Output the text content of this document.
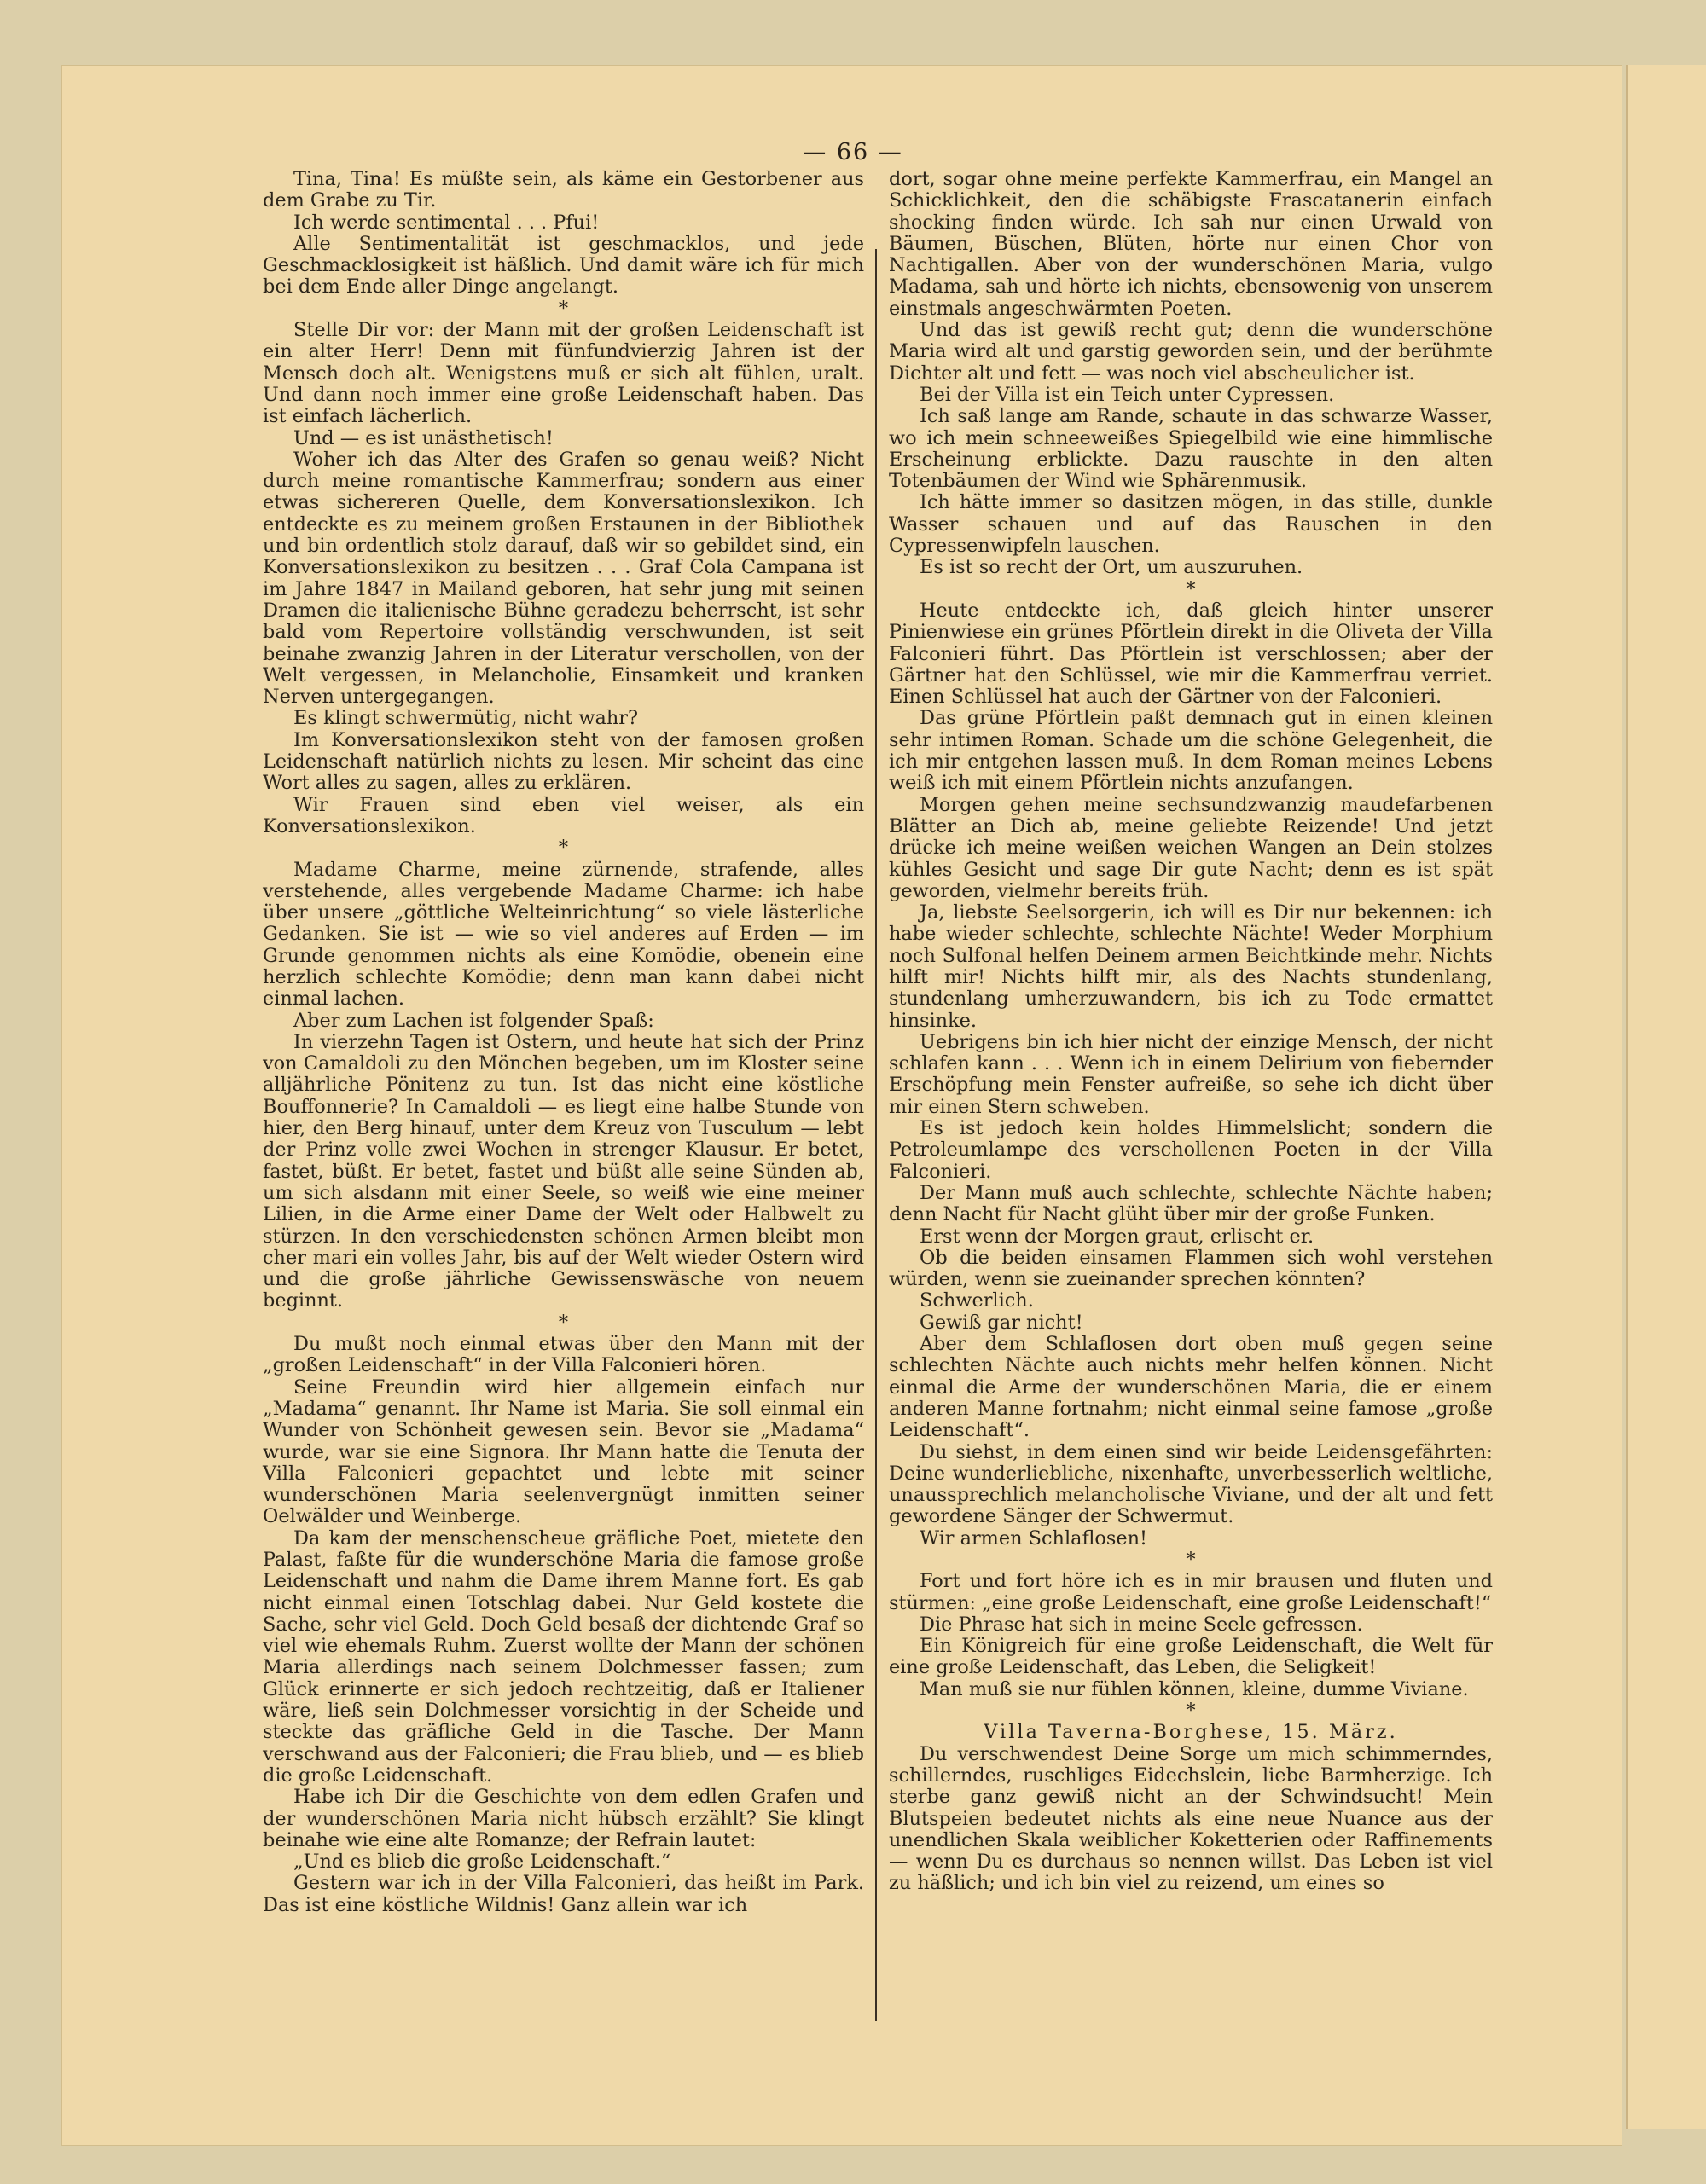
— 66 —

Tina, Tina! Es müßte sein, als käme ein Gestorbener aus dem Grabe zu Tir.

Ich werde sentimental . . . Pfui!

Alle Sentimentalität ist geschmacklos, und jede Geschmacklosigkeit ist häßlich. Und damit wäre ich für mich bei dem Ende aller Dinge angelangt.

*

Stelle Dir vor: der Mann mit der großen Leidenschaft ist ein alter Herr! Denn mit fünfundvierzig Jahren ist der Mensch doch alt. Wenigstens muß er sich alt fühlen, uralt. Und dann noch immer eine große Leidenschaft haben. Das ist einfach lächerlich.

Und — es ist unästhetisch!

Woher ich das Alter des Grafen so genau weiß? Nicht durch meine romantische Kammerfrau; sondern aus einer etwas sichereren Quelle, dem Konversationslexikon. Ich entdeckte es zu meinem großen Erstaunen in der Bibliothek und bin ordentlich stolz darauf, daß wir so gebildet sind, ein Konversationslexikon zu besitzen . . . Graf Cola Campana ist im Jahre 1847 in Mailand geboren, hat sehr jung mit seinen Dramen die italienische Bühne geradezu beherrscht, ist sehr bald vom Repertoire vollständig verschwunden, ist seit beinahe zwanzig Jahren in der Literatur verschollen, von der Welt vergessen, in Melancholie, Einsamkeit und kranken Nerven untergegangen.

Es klingt schwermütig, nicht wahr?

Im Konversationslexikon steht von der famosen großen Leidenschaft natürlich nichts zu lesen. Mir scheint das eine Wort alles zu sagen, alles zu erklären.

Wir Frauen sind eben viel weiser, als ein Konversationslexikon.

*

Madame Charme, meine zürnende, strafende, alles verstehende, alles vergebende Madame Charme: ich habe über unsere „göttliche Welteinrichtung“ so viele lästerliche Gedanken. Sie ist — wie so viel anderes auf Erden — im Grunde genommen nichts als eine Komödie, obenein eine herzlich schlechte Komödie; denn man kann dabei nicht einmal lachen.

Aber zum Lachen ist folgender Spaß:

In vierzehn Tagen ist Ostern, und heute hat sich der Prinz von Camaldoli zu den Mönchen begeben, um im Kloster seine alljährliche Pönitenz zu tun. Ist das nicht eine köstliche Bouffonnerie? In Camaldoli — es liegt eine halbe Stunde von hier, den Berg hinauf, unter dem Kreuz von Tusculum — lebt der Prinz volle zwei Wochen in strenger Klausur. Er betet, fastet, büßt. Er betet, fastet und büßt alle seine Sünden ab, um sich alsdann mit einer Seele, so weiß wie eine meiner Lilien, in die Arme einer Dame der Welt oder Halbwelt zu stürzen. In den verschiedensten schönen Armen bleibt mon cher mari ein volles Jahr, bis auf der Welt wieder Ostern wird und die große jährliche Gewissenswäsche von neuem beginnt.

*

Du mußt noch einmal etwas über den Mann mit der „großen Leidenschaft“ in der Villa Falconieri hören.

Seine Freundin wird hier allgemein einfach nur „Madama“ genannt. Ihr Name ist Maria. Sie soll einmal ein Wunder von Schönheit gewesen sein. Bevor sie „Madama“ wurde, war sie eine Signora. Ihr Mann hatte die Tenuta der Villa Falconieri gepachtet und lebte mit seiner wunderschönen Maria seelenvergnügt inmitten seiner Oelwälder und Weinberge.

Da kam der menschenscheue gräfliche Poet, mietete den Palast, faßte für die wunderschöne Maria die famose große Leidenschaft und nahm die Dame ihrem Manne fort. Es gab nicht einmal einen Totschlag dabei. Nur Geld kostete die Sache, sehr viel Geld. Doch Geld besaß der dichtende Graf so viel wie ehemals Ruhm. Zuerst wollte der Mann der schönen Maria allerdings nach seinem Dolchmesser fassen; zum Glück erinnerte er sich jedoch rechtzeitig, daß er Italiener wäre, ließ sein Dolchmesser vorsichtig in der Scheide und steckte das gräfliche Geld in die Tasche. Der Mann verschwand aus der Falconieri; die Frau blieb, und — es blieb die große Leidenschaft.

Habe ich Dir die Geschichte von dem edlen Grafen und der wunderschönen Maria nicht hübsch erzählt? Sie klingt beinahe wie eine alte Romanze; der Refrain lautet:

„Und es blieb die große Leidenschaft.“

Gestern war ich in der Villa Falconieri, das heißt im Park. Das ist eine köstliche Wildnis! Ganz allein war ich

dort, sogar ohne meine perfekte Kammerfrau, ein Mangel an Schicklichkeit, den die schäbigste Frascatanerin einfach shocking finden würde. Ich sah nur einen Urwald von Bäumen, Büschen, Blüten, hörte nur einen Chor von Nachtigallen. Aber von der wunderschönen Maria, vulgo Madama, sah und hörte ich nichts, ebensowenig von unserem einstmals angeschwärmten Poeten.

Und das ist gewiß recht gut; denn die wunderschöne Maria wird alt und garstig geworden sein, und der berühmte Dichter alt und fett — was noch viel abscheulicher ist.

Bei der Villa ist ein Teich unter Cypressen.

Ich saß lange am Rande, schaute in das schwarze Wasser, wo ich mein schneeweißes Spiegelbild wie eine himmlische Erscheinung erblickte. Dazu rauschte in den alten Totenbäumen der Wind wie Sphärenmusik.

Ich hätte immer so dasitzen mögen, in das stille, dunkle Wasser schauen und auf das Rauschen in den Cypressenwipfeln lauschen.

Es ist so recht der Ort, um auszuruhen.

*

Heute entdeckte ich, daß gleich hinter unserer Pinienwiese ein grünes Pförtlein direkt in die Oliveta der Villa Falconieri führt. Das Pförtlein ist verschlossen; aber der Gärtner hat den Schlüssel, wie mir die Kammerfrau verriet. Einen Schlüssel hat auch der Gärtner von der Falconieri.

Das grüne Pförtlein paßt demnach gut in einen kleinen sehr intimen Roman. Schade um die schöne Gelegenheit, die ich mir entgehen lassen muß. In dem Roman meines Lebens weiß ich mit einem Pförtlein nichts anzufangen.

Morgen gehen meine sechsundzwanzig maudefarbenen Blätter an Dich ab, meine geliebte Reizende! Und jetzt drücke ich meine weißen weichen Wangen an Dein stolzes kühles Gesicht und sage Dir gute Nacht; denn es ist spät geworden, vielmehr bereits früh.

Ja, liebste Seelsorgerin, ich will es Dir nur bekennen: ich habe wieder schlechte, schlechte Nächte! Weder Morphium noch Sulfonal helfen Deinem armen Beichtkinde mehr. Nichts hilft mir! Nichts hilft mir, als des Nachts stundenlang, stundenlang umherzuwandern, bis ich zu Tode ermattet hinsinke.

Uebrigens bin ich hier nicht der einzige Mensch, der nicht schlafen kann . . . Wenn ich in einem Delirium von fiebernder Erschöpfung mein Fenster aufreiße, so sehe ich dicht über mir einen Stern schweben.

Es ist jedoch kein holdes Himmelslicht; sondern die Petroleumlampe des verschollenen Poeten in der Villa Falconieri.

Der Mann muß auch schlechte, schlechte Nächte haben; denn Nacht für Nacht glüht über mir der große Funken.

Erst wenn der Morgen graut, erlischt er.

Ob die beiden einsamen Flammen sich wohl verstehen würden, wenn sie zueinander sprechen könnten?

Schwerlich.

Gewiß gar nicht!

Aber dem Schlaflosen dort oben muß gegen seine schlechten Nächte auch nichts mehr helfen können. Nicht einmal die Arme der wunderschönen Maria, die er einem anderen Manne fortnahm; nicht einmal seine famose „große Leidenschaft“.

Du siehst, in dem einen sind wir beide Leidensgefährten: Deine wunderliebliche, nixenhafte, unverbesserlich weltliche, unaussprechlich melancholische Viviane, und der alt und fett gewordene Sänger der Schwermut.

Wir armen Schlaflosen!

*

Fort und fort höre ich es in mir brausen und fluten und stürmen: „eine große Leidenschaft, eine große Leidenschaft!“

Die Phrase hat sich in meine Seele gefressen.

Ein Königreich für eine große Leidenschaft, die Welt für eine große Leidenschaft, das Leben, die Seligkeit!

Man muß sie nur fühlen können, kleine, dumme Viviane.

*

Villa Taverna-Borghese, 15. März.

Du verschwendest Deine Sorge um mich schimmerndes, schillerndes, ruschliges Eidechslein, liebe Barmherzige. Ich sterbe ganz gewiß nicht an der Schwindsucht! Mein Blutspeien bedeutet nichts als eine neue Nuance aus der unendlichen Skala weiblicher Koketterien oder Raffinements — wenn Du es durchaus so nennen willst. Das Leben ist viel zu häßlich; und ich bin viel zu reizend, um eines so
